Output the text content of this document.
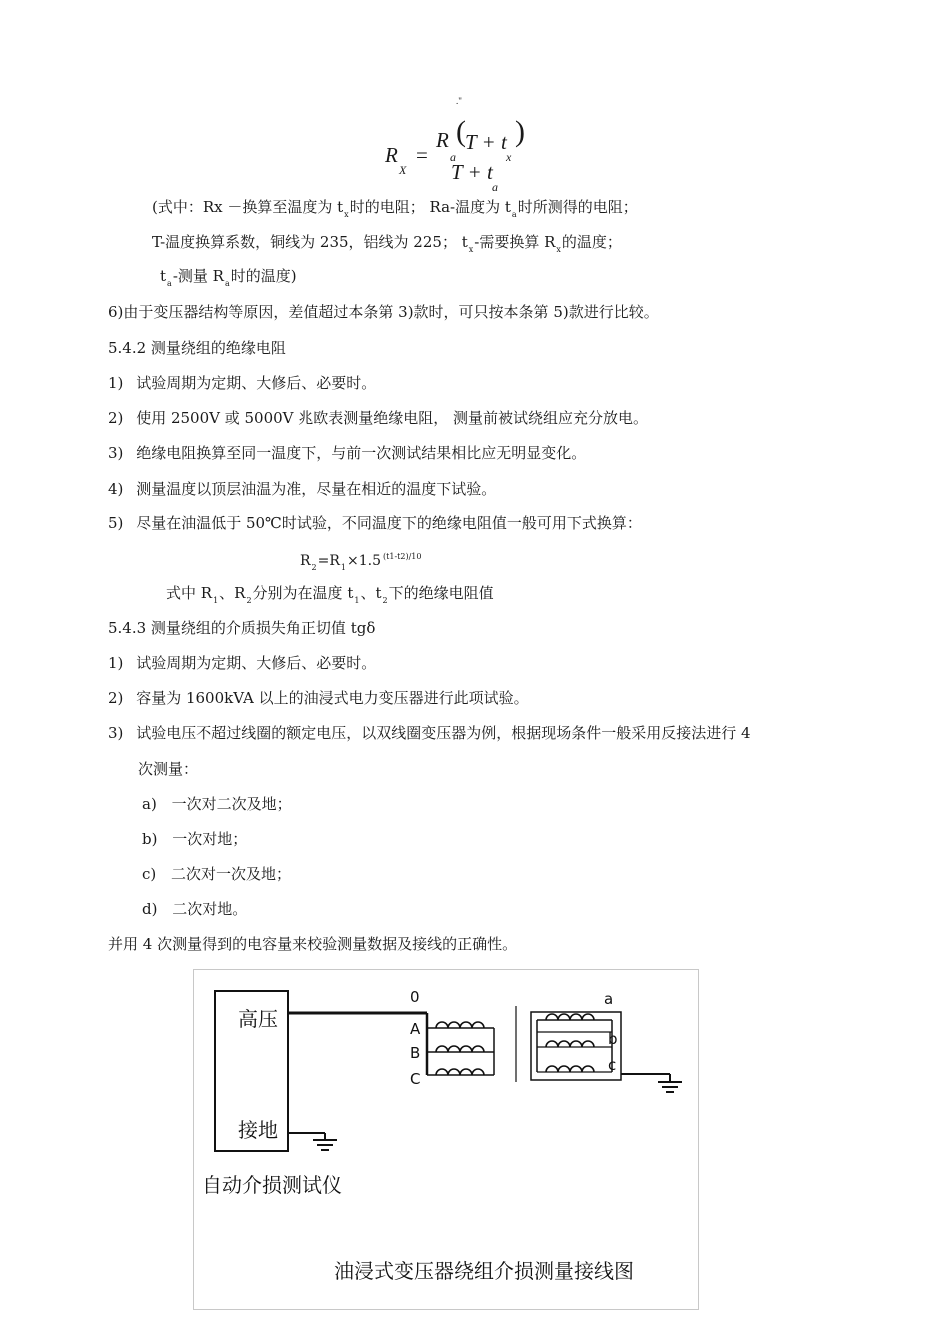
."
R
X
=
R ( T + t )
a	x
T + t
a
(式中：Rx －换算至温度为 $t_x$时的电阻； Ra-温度为 $t_a$时所测得的电阻；
T-温度换算系数，铜线为 235，铝线为 225； $t_x-$需要换算 $R_x$的温度；
$t_a-$测量 $R_a$时的温度)
6)由于变压器结构等原因，差值超过本条第 3)款时，可只按本条第 5)款进行比较。
5.4.2 测量绕组的绝缘电阻
1) 试验周期为定期、大修后、必要时。
2) 使用 2500V 或 5000V 兆欧表测量绝缘电阻， 测量前被试绕组应充分放电。
3) 绝缘电阻换算至同一温度下，与前一次测试结果相比应无明显变化。
4) 测量温度以顶层油温为准，尽量在相近的温度下试验。
5) 尽量在油温低于 50℃时试验，不同温度下的绝缘电阻值一般可用下式换算：
$R_2=R_1\times 1.5$ $^{(t1-t2)/10}$
式中 $R_1$、$R_2$分别为在温度 $t_1$、$t_2$下的绝缘电阻值
5.4.3 测量绕组的介质损失角正切值 tgδ
1) 试验周期为定期、大修后、必要时。
2) 容量为 1600kVA 以上的油浸式电力变压器进行此项试验。
3) 试验电压不超过线圈的额定电压，以双线圈变压器为例，根据现场条件一般采用反接法进行 4
次测量：
a) 一次对二次及地；
b) 一次对地；
c) 二次对一次及地；
d) 二次对地。
并用 4 次测量得到的电容量来校验测量数据及接线的正确性。
高压
接地
自动介损测试仪
0
A
B
C
a
b
c
油浸式变压器绕组介损测量接线图
